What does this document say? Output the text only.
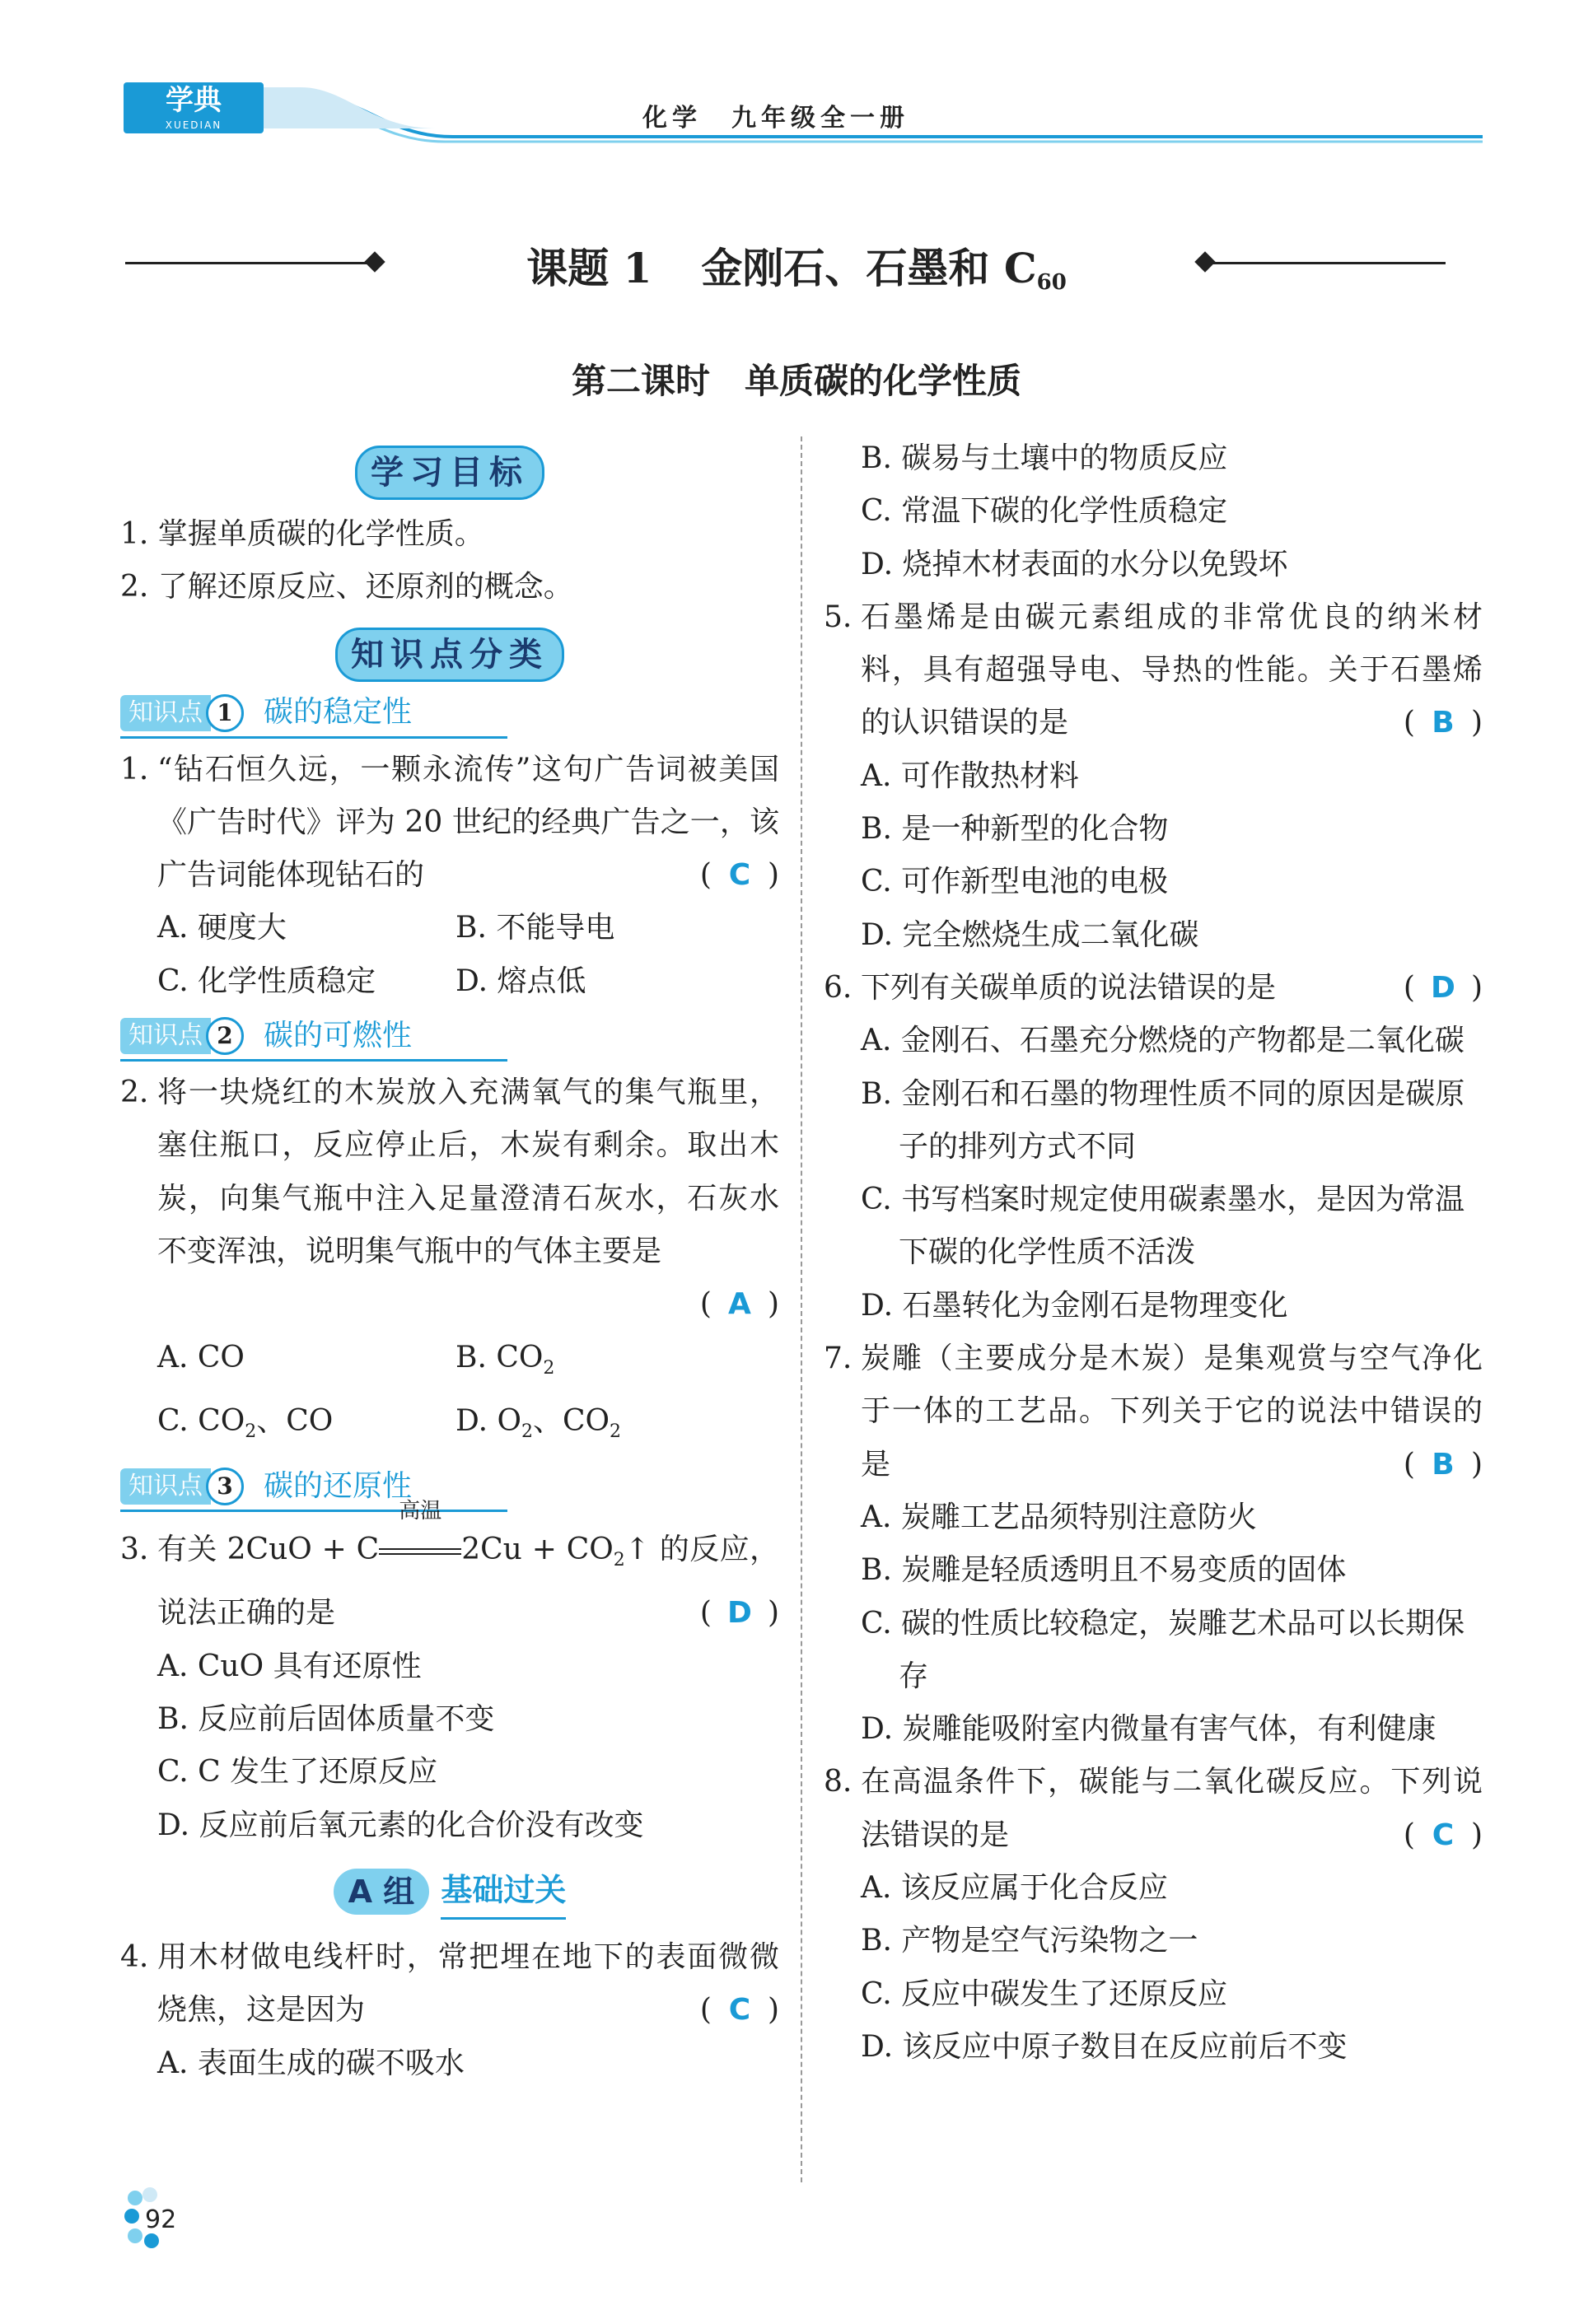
学典
XUEDIAN	化学　九年级全一册
课题 1 金刚石、石墨和 $C_{60}$
第二课时　单质碳的化学性质
学习目标
1. 掌握单质碳的化学性质。
2. 了解还原反应、还原剂的概念。
知识点分类
知识点 1	碳的稳定性
1. “钻石恒久远，一颗永流传”这句广告词被美国《广告时代》评为 20 世纪的经典广告之一，该广告词能体现钻石的	( C )
A. 硬度大	B. 不能导电
C. 化学性质稳定	D. 熔点低
知识点 2	碳的可燃性
2. 将一块烧红的木炭放入充满氧气的集气瓶里，塞住瓶口，反应停止后，木炭有剩余。取出木炭，向集气瓶中注入足量澄清石灰水，石灰水不变浑浊，说明集气瓶中的气体主要是
( A )
A. CO	B. $CO_2$
C. $CO_2$、CO	D. $O_2$、$CO_2$
知识点 3	碳的还原性
3. 有关 2CuO + C
高温
$2Cu + CO_2↑$ 的反应，说法正确的是	( D )
A. CuO 具有还原性
B. 反应前后固体质量不变
C. C 发生了还原反应
D. 反应前后氧元素的化合价没有改变
A 组 基础过关
4. 用木材做电线杆时，常把埋在地下的表面微微烧焦，这是因为	( C )
A. 表面生成的碳不吸水
B. 碳易与土壤中的物质反应
C. 常温下碳的化学性质稳定
D. 烧掉木材表面的水分以免毁坏
5. 石墨烯是由碳元素组成的非常优良的纳米材料，具有超强导电、导热的性能。关于石墨烯的认识错误的是	( B )
A. 可作散热材料
B. 是一种新型的化合物
C. 可作新型电池的电极
D. 完全燃烧生成二氧化碳
6. 下列有关碳单质的说法错误的是	( D )
A. 金刚石、石墨充分燃烧的产物都是二氧化碳
B. 金刚石和石墨的物理性质不同的原因是碳原子的排列方式不同
C. 书写档案时规定使用碳素墨水，是因为常温下碳的化学性质不活泼
D. 石墨转化为金刚石是物理变化
7. 炭雕（主要成分是木炭）是集观赏与空气净化于一体的工艺品。下列关于它的说法中错误的是	( B )
A. 炭雕工艺品须特别注意防火
B. 炭雕是轻质透明且不易变质的固体
C. 碳的性质比较稳定，炭雕艺术品可以长期保存
D. 炭雕能吸附室内微量有害气体，有利健康
8. 在高温条件下，碳能与二氧化碳反应。下列说法错误的是	( C )
A. 该反应属于化合反应
B. 产物是空气污染物之一
C. 反应中碳发生了还原反应
D. 该反应中原子数目在反应前后不变
92
